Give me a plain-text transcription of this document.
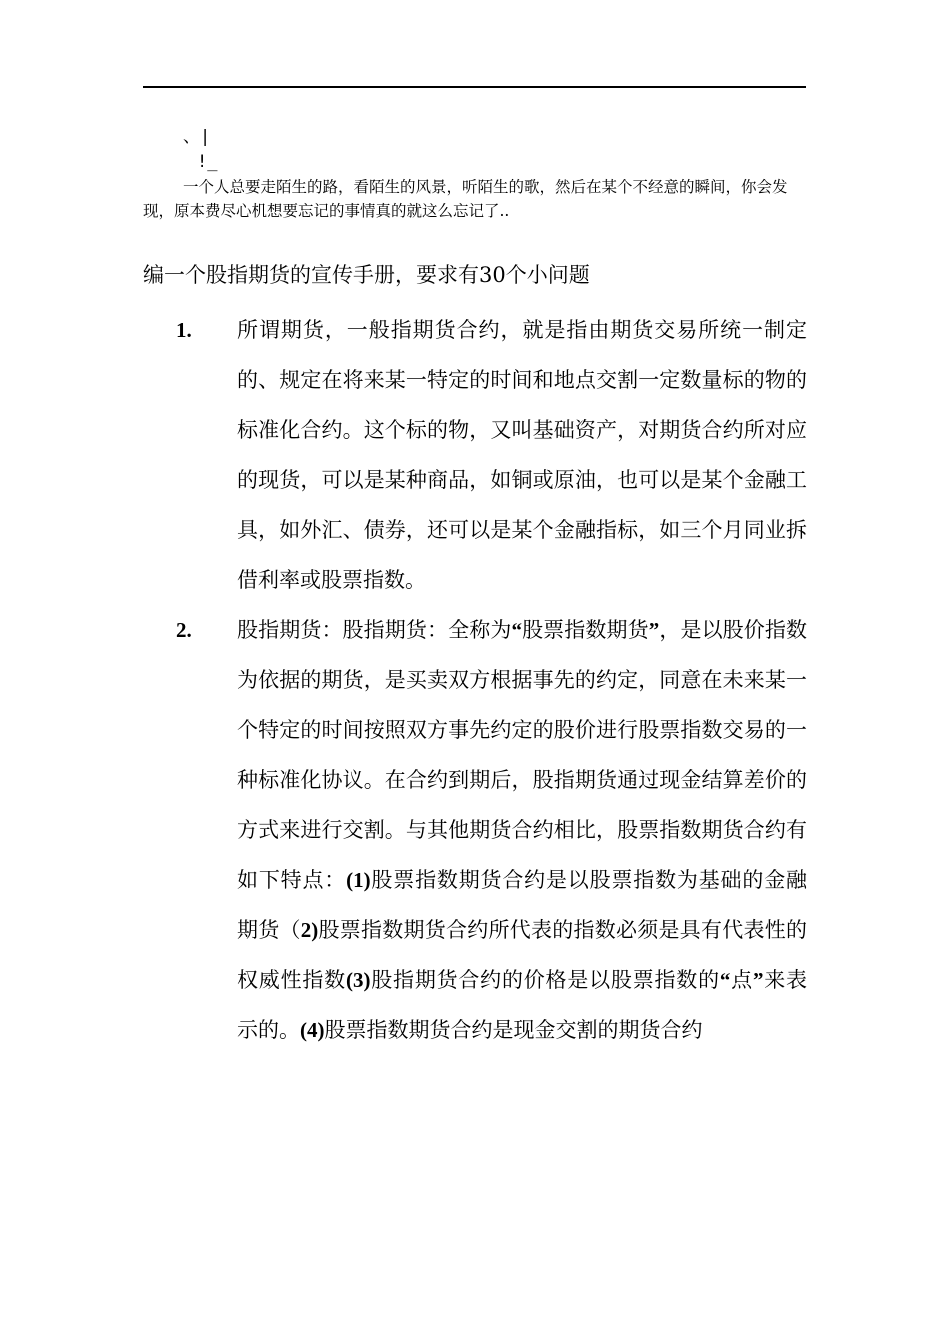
、|
!_

一个人总要走陌生的路，看陌生的风景，听陌生的歌，然后在某个不经意的瞬间，你会发现，原本费尽心机想要忘记的事情真的就这么忘记了..

编一个股指期货的宣传手册，要求有30个小问题
1. 所谓期货，一般指期货合约，就是指由期货交易所统一制定的、规定在将来某一特定的时间和地点交割一定数量标的物的标准化合约。这个标的物，又叫基础资产，对期货合约所对应的现货，可以是某种商品，如铜或原油，也可以是某个金融工具，如外汇、债券，还可以是某个金融指标，如三个月同业拆借利率或股票指数。
2. 股指期货：股指期货：全称为“股票指数期货”，是以股价指数为依据的期货，是买卖双方根据事先的约定，同意在未来某一个特定的时间按照双方事先约定的股价进行股票指数交易的一种标准化协议。在合约到期后，股指期货通过现金结算差价的方式来进行交割。与其他期货合约相比，股票指数期货合约有如下特点：(1)股票指数期货合约是以股票指数为基础的金融期货（2)股票指数期货合约所代表的指数必须是具有代表性的权威性指数(3)股指期货合约的价格是以股票指数的“点”来表示的。(4)股票指数期货合约是现金交割的期货合约
